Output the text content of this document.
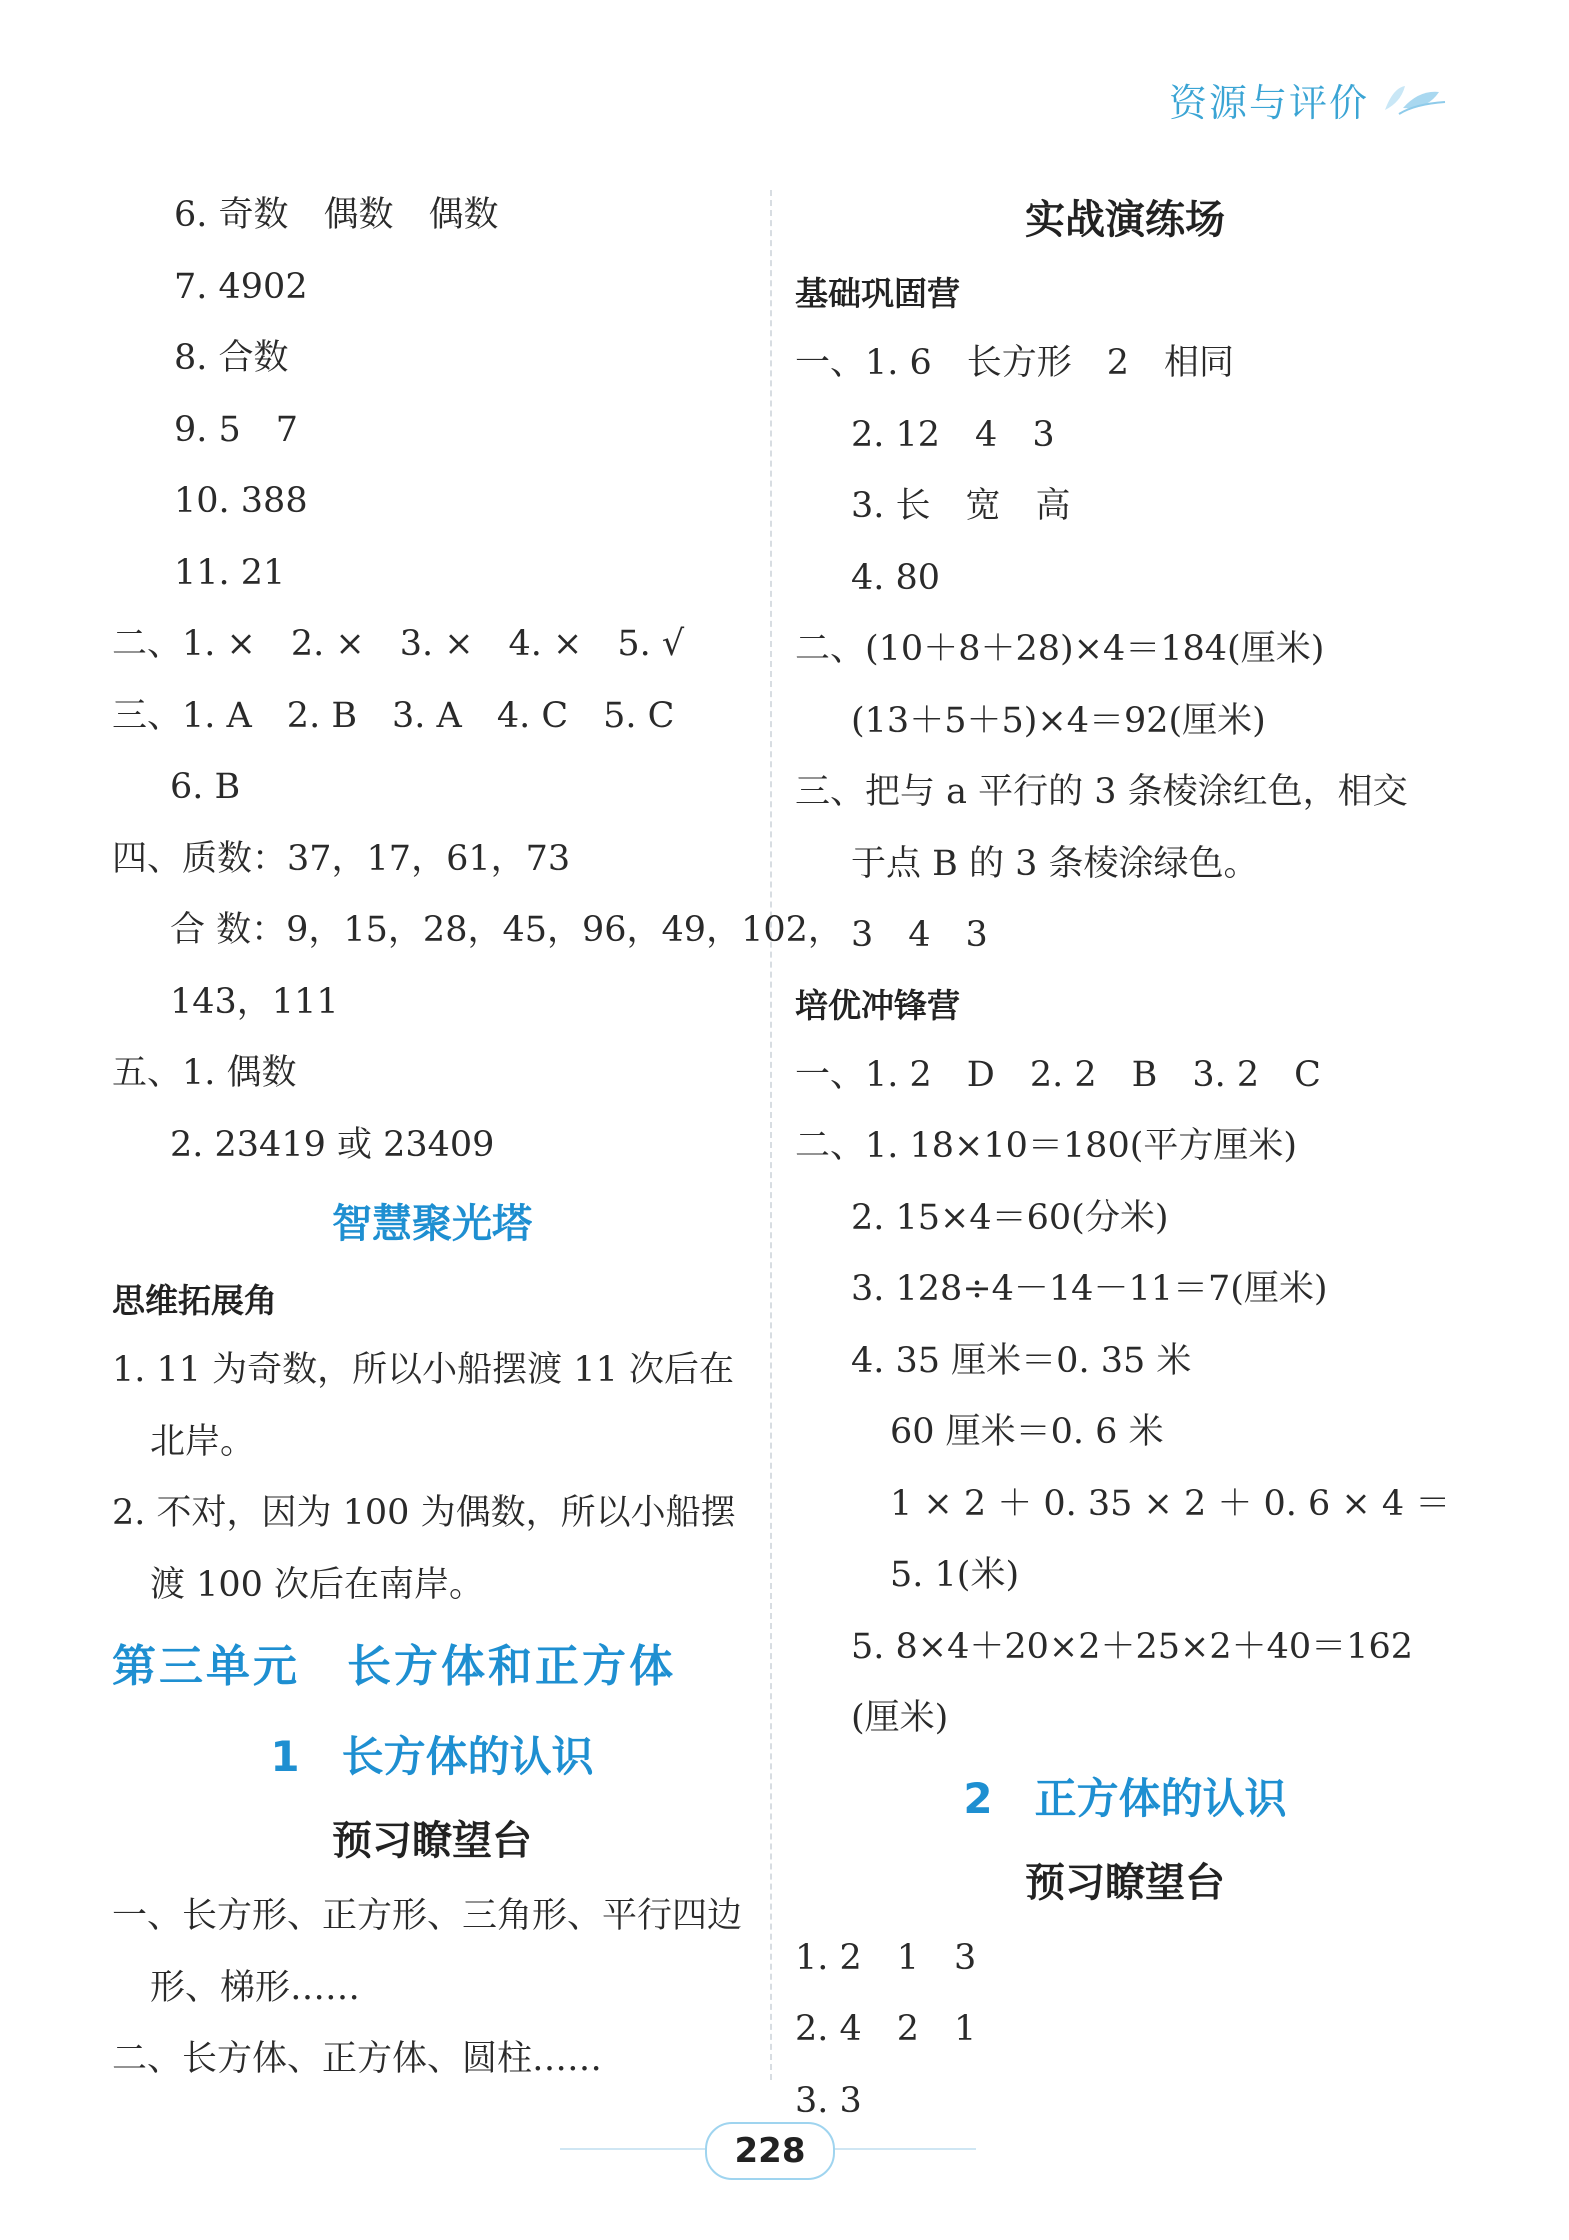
资源与评价
6. 奇数　偶数　偶数
7. 4902
8. 合数
9. 5　7
10. 388
11. 21
二、1. ×　2. ×　3. ×　4. ×　5. √
三、1. A　2. B　3. A　4. C　5. C
6. B
四、质数：37，17，61，73
合 数：9，15，28，45，96，49，102，
143，111
五、1. 偶数
2. 23419 或 23409
智慧聚光塔
思维拓展角
1. 11 为奇数，所以小船摆渡 11 次后在
北岸。
2. 不对，因为 100 为偶数，所以小船摆
渡 100 次后在南岸。
第三单元　长方体和正方体
1　长方体的认识
预习瞭望台
一、长方形、正方形、三角形、平行四边
形、梯形……
二、长方体、正方体、圆柱……
实战演练场
基础巩固营
一、1. 6　长方形　2　相同
2. 12　4　3
3. 长　宽　高
4. 80
二、(10＋8＋28)×4＝184(厘米)
(13＋5＋5)×4＝92(厘米)
三、把与 a 平行的 3 条棱涂红色，相交
于点 B 的 3 条棱涂绿色。
3　4　3
培优冲锋营
一、1. 2　D　2. 2　B　3. 2　C
二、1. 18×10＝180(平方厘米)
2. 15×4＝60(分米)
3. 128÷4－14－11＝7(厘米)
4. 35 厘米＝0. 35 米
60 厘米＝0. 6 米
1 × 2 ＋ 0. 35 × 2 ＋ 0. 6 × 4 ＝
5. 1(米)
5. 8×4＋20×2＋25×2＋40＝162
(厘米)
2　正方体的认识
预习瞭望台
1. 2　1　3
2. 4　2　1
3. 3
228
